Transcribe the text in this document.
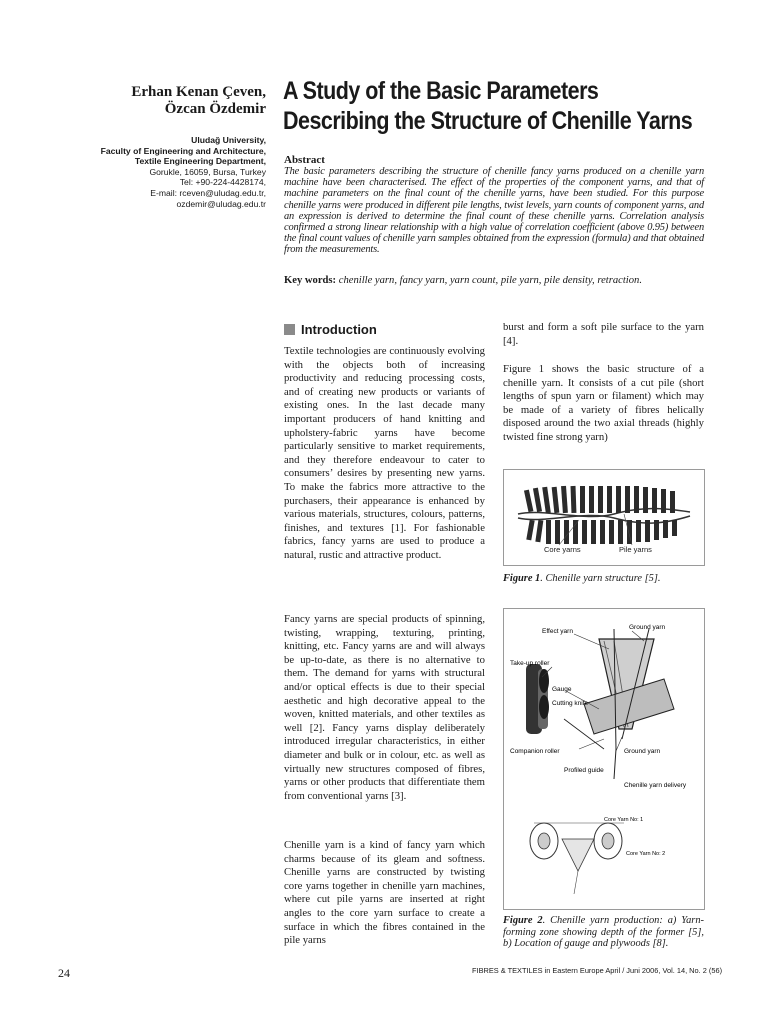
Erhan Kenan Çeven,
Özcan Özdemir
Uludağ University,
Faculty of Engineering and Architecture,
Textile Engineering Department,
Gorukle, 16059, Bursa, Turkey
Tel: +90-224-4428174,
E-mail: rceven@uludag.edu.tr,
ozdemir@uludag.edu.tr
A Study of the Basic Parameters
Describing the Structure of Chenille Yarns
Abstract
The basic parameters describing the structure of chenille fancy yarns produced on a chenille yarn machine have been characterised. The effect of the properties of the component yarns, and that of machine parameters on the final count of the chenille yarns, have been studied. For this purpose chenille yarns were produced in different pile lengths, twist levels, yarn counts of component yarns, and an expression is derived to determine the final count of these chenille yarns. Correlation analysis confirmed a strong linear relationship with a high value of correlation coefficient (above 0.95) between the final count values of chenille yarn samples obtained from the expression (formula) and that obtained from the measurements.
Key words: chenille yarn, fancy yarn, yarn count, pile yarn, pile density, retraction.
Introduction

Textile technologies are continuously evolving with the objects both of increasing productivity and reducing processing costs, and of creating new products or variants of existing ones. In the last decade many important producers of hand knitting and upholstery-fabric yarns have become particularly sensitive to market requirements, and they therefore endeavour to cater to consumers’ desires by presenting new yarns. To make the fabrics more attractive to the purchasers, their appearance is enhanced by various materials, structures, colours, patterns, finishes, and textures [1]. For fashionable fabrics, fancy yarns are used to produce a natural, rustic and attractive product.

Fancy yarns are special products of spinning, twisting, wrapping, texturing, printing, knitting, etc. Fancy yarns are and will always be up-to-date, as there is no alternative to them. The demand for yarns with structural and/or optical effects is due to their special aesthetic and high decorative appeal to the woven, knitted materials, and other textiles as well [2]. Fancy yarns display deliberately introduced irregular characteristics, in either diameter and bulk or in colour, etc. as well as virtually new structures composed of fibres, yarns or other products that differentiate them from conventional yarns [3].

Chenille yarn is a kind of fancy yarn which charms because of its gleam and softness. Chenille yarns are constructed by twisting core yarns together in chenille yarn machines, where cut pile yarns are inserted at right angles to the core yarn surface to create a surface in which the fibres contained in the pile yarns

burst and form a soft pile surface to the yarn [4].

Figure 1 shows the basic structure of a chenille yarn. It consists of a cut pile (short lengths of spun yarn or filament) which may be made of a variety of fibres helically disposed around the two axial threads (highly twisted fine strong yarn)

Core yarns	Pile yarns
Figure 1. Chenille yarn structure [5].
Effect yarn
Ground yarn
Take-up roller
Gauge
Cutting knife
Companion roller	Ground yarn
Profiled guide
Chenille yarn delivery
Core Yarn No: 1
Core Yarn No: 2
Figure 2. Chenille yarn production: a) Yarn-forming zone showing depth of the former [5], b) Location of gauge and plywoods [8].
24	FIBRES & TEXTILES in Eastern Europe April / Juni 2006, Vol. 14, No. 2 (56)
